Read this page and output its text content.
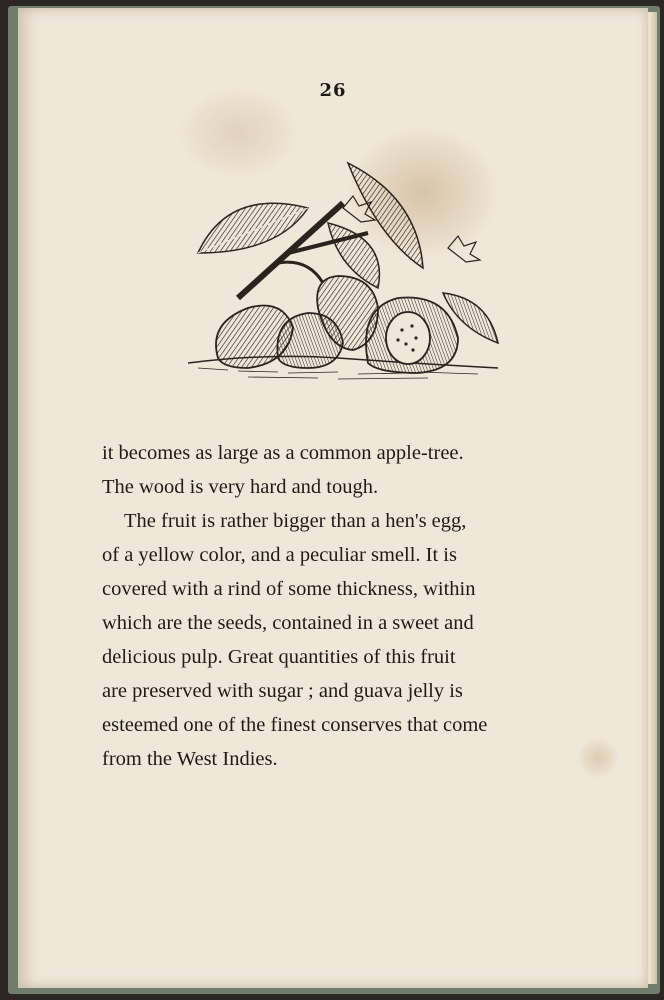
26

it becomes as large as a common apple-tree.
The wood is very hard and tough.

The fruit is rather bigger than a hen's egg,
of a yellow color, and a peculiar smell. It is
covered with a rind of some thickness, within
which are the seeds, contained in a sweet and
delicious pulp. Great quantities of this fruit
are preserved with sugar ; and guava jelly is
esteemed one of the finest conserves that come
from the West Indies.
